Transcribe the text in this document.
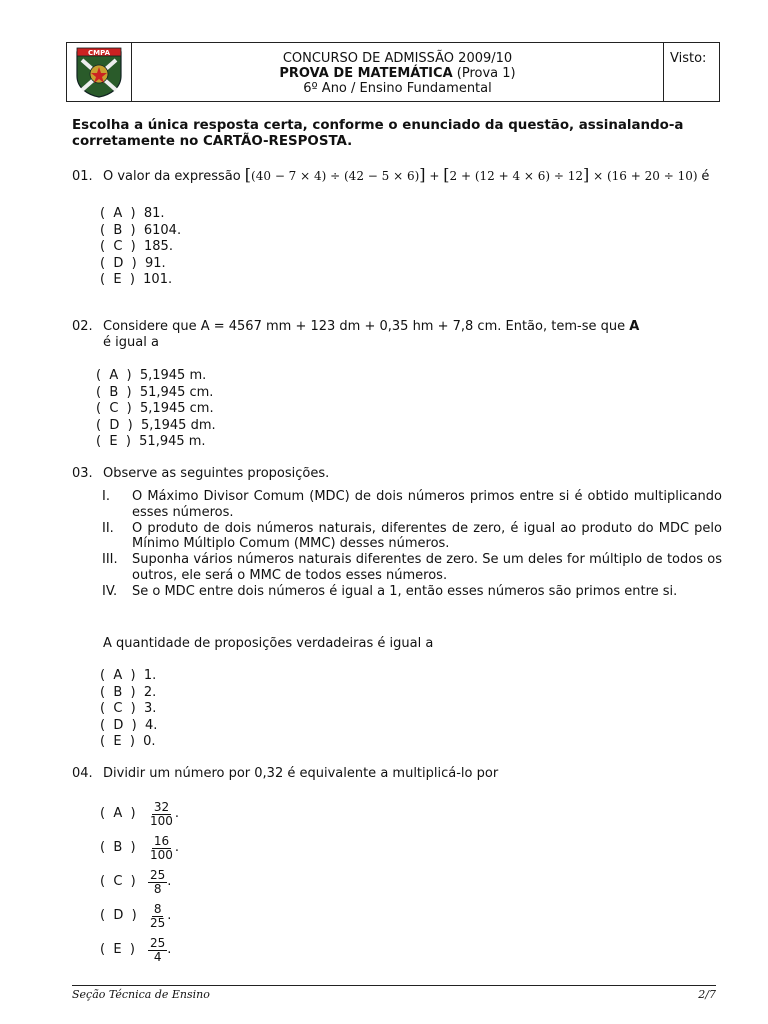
CMPA	CONCURSO DE ADMISSÃO 2009/10
PROVA DE MATEMÁTICA (Prova 1)
6º Ano / Ensino Fundamental
Visto:
Escolha a única resposta certa, conforme o enunciado da questão, assinalando-a corretamente no CARTÃO-RESPOSTA.
01. O valor da expressão [(40 − 7 × 4) ÷ (42 − 5 × 6)] + [2 + (12 + 4 × 6) ÷ 12] × (16 + 20 ÷ 10) é
(  A  )  81.
(  B  )  6104.
(  C  )  185.
(  D  )  91.
(  E  )  101.
02. Considere que A = 4567 mm + 123 dm + 0,35 hm + 7,8 cm. Então, tem-se que A
é igual a
(  A  )  5,1945 m.
(  B  )  51,945 cm.
(  C  )  5,1945 cm.
(  D  )  5,1945 dm.
(  E  )  51,945 m.
03. Observe as seguintes proposições.
I.	O Máximo Divisor Comum (MDC) de dois números primos entre si é obtido multiplicando esses números.
II.	O produto de dois números naturais, diferentes de zero, é igual ao produto do MDC pelo Mínimo Múltiplo Comum (MMC) desses números.
III.	Suponha vários números naturais diferentes de zero. Se um deles for múltiplo de todos os outros, ele será o MMC de todos esses números.
IV.	Se o MDC entre dois números é igual a 1, então esses números são primos entre si.
A quantidade de proposições verdadeiras é igual a
(  A  )  1.
(  B  )  2.
(  C  )  3.
(  D  )  4.
(  E  )  0.
04. Dividir um número por 0,32 é equivalente a multiplicá-lo por
(  A  )	$\frac{32}{100}$ .
(  B  )	$\frac{16}{100}$ .
(  C  )	$\frac{25}{8}$ .
(  D  ) $\frac{8}{25}$ .
(  E  )	$\frac{25}{4}$ .
Seção Técnica de Ensino	2/7
